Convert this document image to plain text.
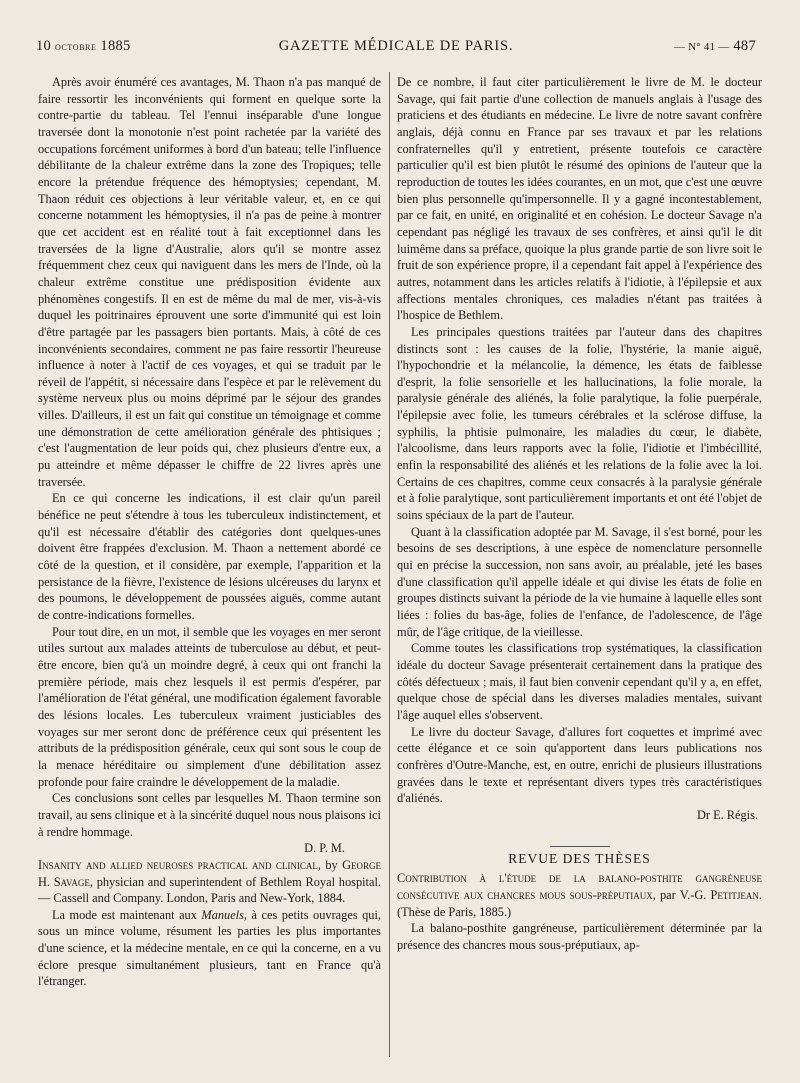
10 octobre 1885	GAZETTE MÉDICALE DE PARIS.	— N° 41 — 487

Après avoir énuméré ces avantages, M. Thaon n'a pas manqué de faire ressortir les inconvénients qui forment en quelque sorte la contre-partie du tableau. Tel l'ennui inséparable d'une longue traversée dont la monotonie n'est point rachetée par la variété des occupations forcément uniformes à bord d'un bateau; telle l'influence débilitante de la chaleur extrême dans la zone des Tropiques; telle encore la prétendue fréquence des hémoptysies; cependant, M. Thaon réduit ces objections à leur véritable valeur, et, en ce qui concerne notamment les hémoptysies, il n'a pas de peine à montrer que cet accident est en réalité tout à fait exceptionnel dans les traversées de la ligne d'Australie, alors qu'il se montre assez fréquemment chez ceux qui naviguent dans les mers de l'Inde, où la chaleur extrême constitue une prédisposition évidente aux phénomènes congestifs. Il en est de même du mal de mer, vis-à-vis duquel les poitrinaires éprouvent une sorte d'immunité qui est loin d'être partagée par les passagers bien portants. Mais, à côté de ces inconvénients secondaires, comment ne pas faire ressortir l'heureuse influence à noter à l'actif de ces voyages, et qui se traduit par le réveil de l'appétit, si nécessaire dans l'espèce et par le relèvement du système nerveux plus ou moins déprimé par le séjour des grandes villes. D'ailleurs, il est un fait qui constitue un témoignage et comme une démonstration de cette amélioration générale des phtisiques ; c'est l'augmentation de leur poids qui, chez plusieurs d'entre eux, a pu atteindre et même dépasser le chiffre de 22 livres après une traversée.

En ce qui concerne les indications, il est clair qu'un pareil bénéfice ne peut s'étendre à tous les tuberculeux indistinctement, et qu'il est nécessaire d'établir des catégories dont quelques-unes doivent être frappées d'exclusion. M. Thaon a nettement abordé ce côté de la question, et il considère, par exemple, l'apparition et la persistance de la fièvre, l'existence de lésions ulcéreuses du larynx et des poumons, le développement de poussées aiguës, comme autant de contre-indications formelles.

Pour tout dire, en un mot, il semble que les voyages en mer seront utiles surtout aux malades atteints de tuberculose au début, et peut-être encore, bien qu'à un moindre degré, à ceux qui ont franchi la première période, mais chez lesquels il est permis d'espérer, par l'amélioration de l'état général, une modification également favorable des lésions locales. Les tuberculeux vraiment justiciables des voyages sur mer seront donc de préférence ceux qui présentent les attributs de la prédisposition générale, ceux qui sont sous le coup de la menace héréditaire ou simplement d'une débilitation assez profonde pour faire craindre le développement de la maladie.

Ces conclusions sont celles par lesquelles M. Thaon termine son travail, au sens clinique et à la sincérité duquel nous nous plaisons ici à rendre hommage.

D. P. M.

Insanity and allied neuroses practical and clinical, by George H. Savage, physician and superintendent of Bethlem Royal hospital. — Cassell and Company. London, Paris and New-York, 1884.

La mode est maintenant aux Manuels, à ces petits ouvrages qui, sous un mince volume, résument les parties les plus importantes d'une science, et la médecine mentale, en ce qui la concerne, en a vu éclore presque simultanément plusieurs, tant en France qu'à l'étranger.

De ce nombre, il faut citer particulièrement le livre de M. le docteur Savage, qui fait partie d'une collection de manuels anglais à l'usage des praticiens et des étudiants en médecine. Le livre de notre savant confrère anglais, déjà connu en France par ses travaux et par les relations confraternelles qu'il y entretient, présente toutefois ce caractère particulier qu'il est bien plutôt le résumé des opinions de l'auteur que la reproduction de toutes les idées courantes, en un mot, que c'est une œuvre bien plus personnelle qu'impersonnelle. Il y a gagné incontestablement, par ce fait, en unité, en originalité et en cohésion. Le docteur Savage n'a cependant pas négligé les travaux de ses confrères, et ainsi qu'il le dit luimême dans sa préface, quoique la plus grande partie de son livre soit le fruit de son expérience propre, il a cependant fait appel à l'expérience des autres, notamment dans les articles relatifs à l'idiotie, à l'épilepsie et aux affections mentales chroniques, ces maladies n'étant pas traitées à l'hospice de Bethlem.

Les principales questions traitées par l'auteur dans des chapitres distincts sont : les causes de la folie, l'hystérie, la manie aiguë, l'hypochondrie et la mélancolie, la démence, les états de faiblesse d'esprit, la folie sensorielle et les hallucinations, la folie morale, la paralysie générale des aliénés, la folie paralytique, la folie puerpérale, l'épilepsie avec folie, les tumeurs cérébrales et la sclérose diffuse, la syphilis, la phtisie pulmonaire, les maladies du cœur, le diabète, l'alcoolisme, dans leurs rapports avec la folie, l'idiotie et l'imbécillité, enfin la responsabilité des aliénés et les relations de la folie avec la loi. Certains de ces chapitres, comme ceux consacrés à la paralysie générale et à folie paralytique, sont particulièrement importants et ont été l'objet de soins spéciaux de la part de l'auteur.

Quant à la classification adoptée par M. Savage, il s'est borné, pour les besoins de ses descriptions, à une espèce de nomenclature personnelle qui en précise la succession, non sans avoir, au préalable, jeté les bases d'une classification qu'il appelle idéale et qui divise les états de folie en groupes distincts suivant la période de la vie humaine à laquelle elles sont liées : folies du bas-âge, folies de l'enfance, de l'adolescence, de l'âge mûr, de l'âge critique, de la vieillesse.

Comme toutes les classifications trop systématiques, la classification idéale du docteur Savage présenterait certainement dans la pratique des côtés défectueux ; mais, il faut bien convenir cependant qu'il y a, en effet, quelque chose de spécial dans les diverses maladies mentales, suivant l'âge auquel elles s'observent.

Le livre du docteur Savage, d'allures fort coquettes et imprimé avec cette élégance et ce soin qu'apportent dans leurs publications nos confrères d'Outre-Manche, est, en outre, enrichi de plusieurs illustrations gravées dans le texte et représentant divers types très caractéristiques d'aliénés.

Dr E. Régis.

REVUE DES THÈSES

Contribution à l'étude de la balano-posthite gangréneuse consécutive aux chancres mous sous-préputiaux, par V.-G. Petitjean. (Thèse de Paris, 1885.)

La balano-posthite gangréneuse, particulièrement déterminée par la présence des chancres mous sous-préputiaux, ap-
